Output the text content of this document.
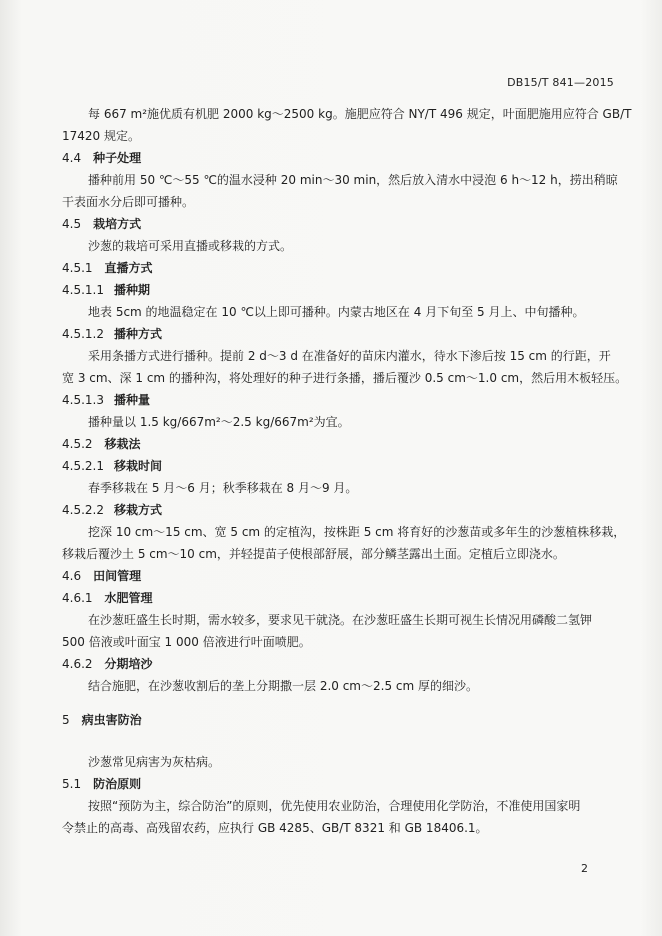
DB15/T 841—2015
每 667 m²施优质有机肥 2000 kg～2500 kg。施肥应符合 NY/T 496 规定，叶面肥施用应符合 GB/T
17420 规定。
4.4 种子处理
播种前用 50 ℃～55 ℃的温水浸种 20 min～30 min，然后放入清水中浸泡 6 h～12 h，捞出稍晾
干表面水分后即可播种。
4.5 栽培方式
沙葱的栽培可采用直播或移栽的方式。
4.5.1 直播方式
4.5.1.1 播种期
地表 5cm 的地温稳定在 10 ℃以上即可播种。内蒙古地区在 4 月下旬至 5 月上、中旬播种。
4.5.1.2 播种方式
采用条播方式进行播种。提前 2 d～3 d 在准备好的苗床内灌水，待水下渗后按 15 cm 的行距，开
宽 3 cm、深 1 cm 的播种沟，将处理好的种子进行条播，播后覆沙 0.5 cm～1.0 cm，然后用木板轻压。
4.5.1.3 播种量
播种量以 1.5 kg/667m²～2.5 kg/667m²为宜。
4.5.2 移栽法
4.5.2.1 移栽时间
春季移栽在 5 月～6 月；秋季移栽在 8 月～9 月。
4.5.2.2 移栽方式
挖深 10 cm～15 cm、宽 5 cm 的定植沟，按株距 5 cm 将育好的沙葱苗或多年生的沙葱植株移栽，
移栽后覆沙土 5 cm～10 cm，并轻提苗子使根部舒展，部分鳞茎露出土面。定植后立即浇水。
4.6 田间管理
4.6.1 水肥管理
在沙葱旺盛生长时期，需水较多，要求见干就浇。在沙葱旺盛生长期可视生长情况用磷酸二氢钾
500 倍液或叶面宝 1 000 倍液进行叶面喷肥。
4.6.2 分期培沙
结合施肥，在沙葱收割后的垄上分期撒一层 2.0 cm～2.5 cm 厚的细沙。
5 病虫害防治
沙葱常见病害为灰枯病。
5.1 防治原则
按照“预防为主，综合防治”的原则，优先使用农业防治，合理使用化学防治，不准使用国家明
令禁止的高毒、高残留农药，应执行 GB 4285、GB/T 8321 和 GB 18406.1。
2
